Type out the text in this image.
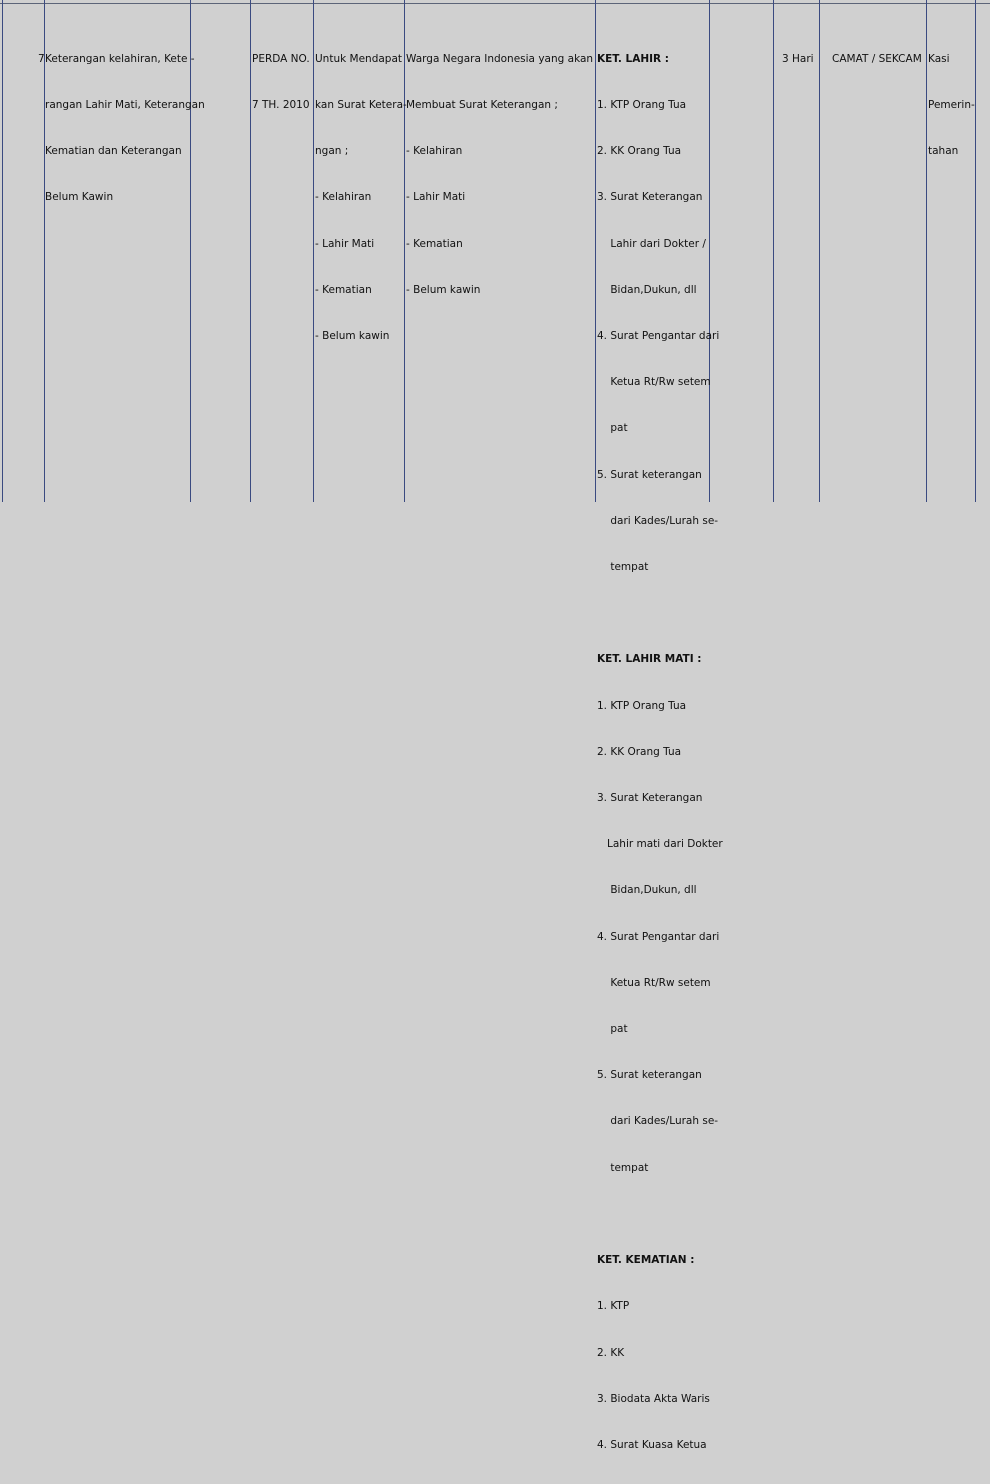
7

Keterangan kelahiran, Kete -

rangan Lahir Mati, Keterangan

Kematian dan Keterangan

Belum Kawin

PERDA NO.

7 TH. 2010

Untuk Mendapat

kan Surat Ketera-

ngan ;

- Kelahiran

- Lahir Mati

- Kematian

- Belum kawin

Warga Negara Indonesia yang akan

Membuat Surat Keterangan ;

- Kelahiran

- Lahir Mati

- Kematian

- Belum kawin

KET. LAHIR :

1. KTP Orang Tua

2. KK Orang Tua

3. Surat Keterangan

Lahir dari Dokter /

Bidan,Dukun, dll

4. Surat Pengantar dari

Ketua Rt/Rw setem

pat

5. Surat keterangan

dari Kades/Lurah se-

tempat

KET. LAHIR MATI :

1. KTP Orang Tua

2. KK Orang Tua

3. Surat Keterangan

Lahir mati dari Dokter

Bidan,Dukun, dll

4. Surat Pengantar dari

Ketua Rt/Rw setem

pat

5. Surat keterangan

dari Kades/Lurah se-

tempat

KET. KEMATIAN :

1. KTP

2. KK

3. Biodata Akta Waris

4. Surat Kuasa Ketua

3 Hari

CAMAT / SEKCAM

Kasi

Pemerin-

tahan
